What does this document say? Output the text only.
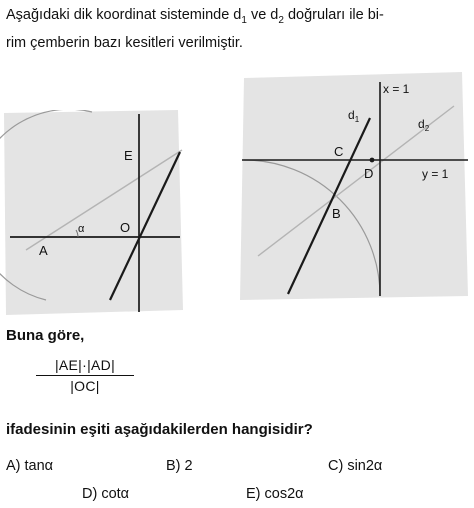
Aşağıdaki dik koordinat sisteminde $d_1$ ve $d_2$ doğruları ile bi-
rim çemberin bazı kesitleri verilmiştir.
α
E
A
O
x = 1
y = 1
$d_1$	$d_2$
C
D
B
Buna göre,
$\frac{|AE|\cdot|AD|}{|OC|}$
ifadesinin eşiti aşağıdakilerden hangisidir?
A) tanα	B) 2	C) sin2α
D) cotα	E) cos2α
